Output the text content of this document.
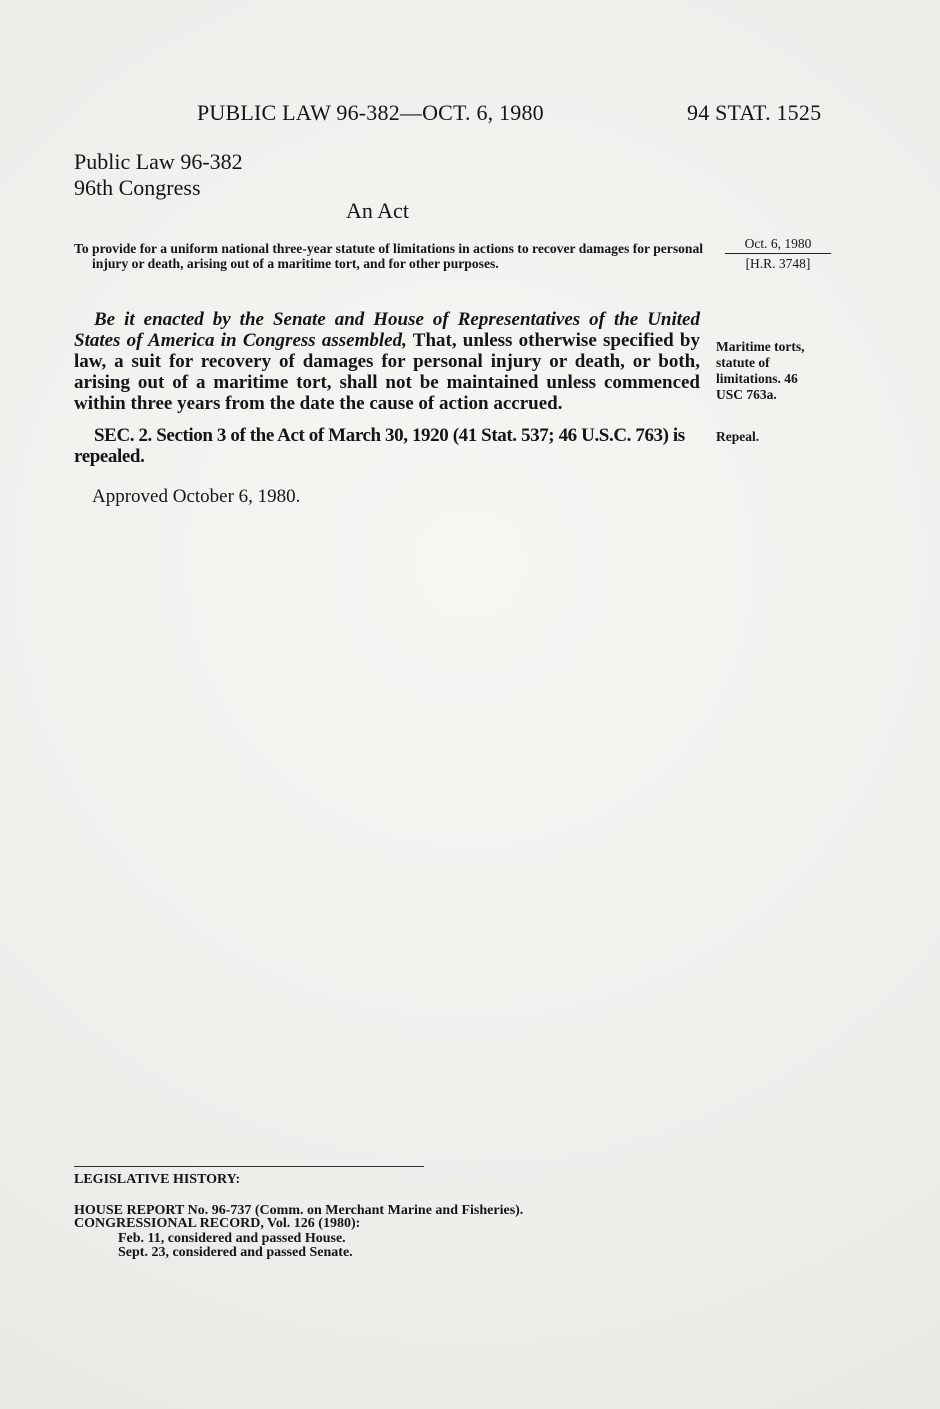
PUBLIC LAW 96-382—OCT. 6, 1980	94 STAT. 1525
Public Law 96-382
96th Congress
An Act
To provide for a uniform national three-year statute of limitations in actions to recover damages for personal injury or death, arising out of a maritime tort, and for other purposes.
Oct. 6, 1980
[H.R. 3748]
Be it enacted by the Senate and House of Representatives of the United States of America in Congress assembled, That, unless otherwise specified by law, a suit for recovery of damages for personal injury or death, or both, arising out of a maritime tort, shall not be maintained unless commenced within three years from the date the cause of action accrued.
SEC. 2. Section 3 of the Act of March 30, 1920 (41 Stat. 537; 46 U.S.C. 763) is repealed.
Maritime torts, statute of limitations. 46 USC 763a.
Repeal.
Approved October 6, 1980.
LEGISLATIVE HISTORY:
HOUSE REPORT No. 96-737 (Comm. on Merchant Marine and Fisheries).
CONGRESSIONAL RECORD, Vol. 126 (1980):
Feb. 11, considered and passed House.
Sept. 23, considered and passed Senate.
